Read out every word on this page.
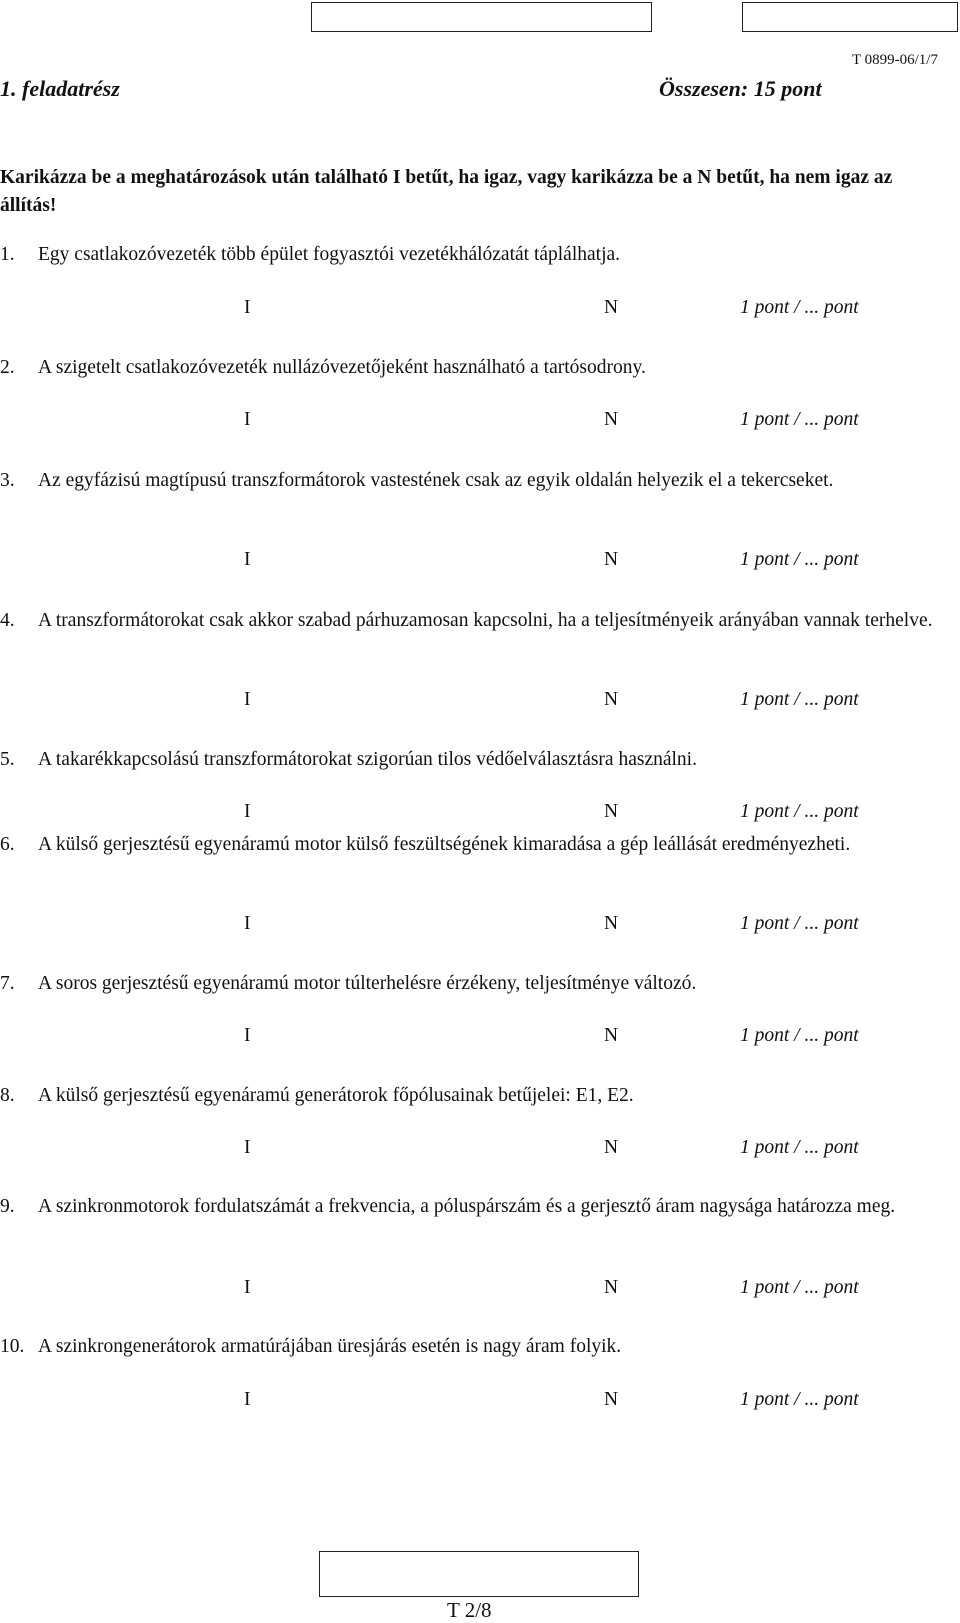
T 0899-06/1/7
1. feladatrész	Összesen: 15 pont

Karikázza be a meghatározások után található I betűt, ha igaz, vagy karikázza be a N betűt, ha nem igaz az állítás!

1. Egy csatlakozóvezeték több épület fogyasztói vezetékhálózatát táplálhatja.
I	N	1 pont / ... pont
2. A szigetelt csatlakozóvezeték nullázóvezetőjeként használható a tartósodrony.
I	N	1 pont / ... pont
3. Az egyfázisú magtípusú transzformátorok vastestének csak az egyik oldalán helyezik el a tekercseket.
I	N	1 pont / ... pont
4. A transzformátorokat csak akkor szabad párhuzamosan kapcsolni, ha a teljesítményeik arányában vannak terhelve.
I	N	1 pont / ... pont
5. A takarékkapcsolású transzformátorokat szigorúan tilos védőelválasztásra használni.
I	N	1 pont / ... pont
6. A külső gerjesztésű egyenáramú motor külső feszültségének kimaradása a gép leállását eredményezheti.
I	N	1 pont / ... pont
7. A soros gerjesztésű egyenáramú motor túlterhelésre érzékeny, teljesítménye változó.
I	N	1 pont / ... pont
8. A külső gerjesztésű egyenáramú generátorok főpólusainak betűjelei: E1, E2.
I	N	1 pont / ... pont
9. A szinkronmotorok fordulatszámát a frekvencia, a póluspárszám és a gerjesztő áram nagysága határozza meg.
I	N	1 pont / ... pont
10. A szinkrongenerátorok armatúrájában üresjárás esetén is nagy áram folyik.
I	N	1 pont / ... pont
T 2/8
